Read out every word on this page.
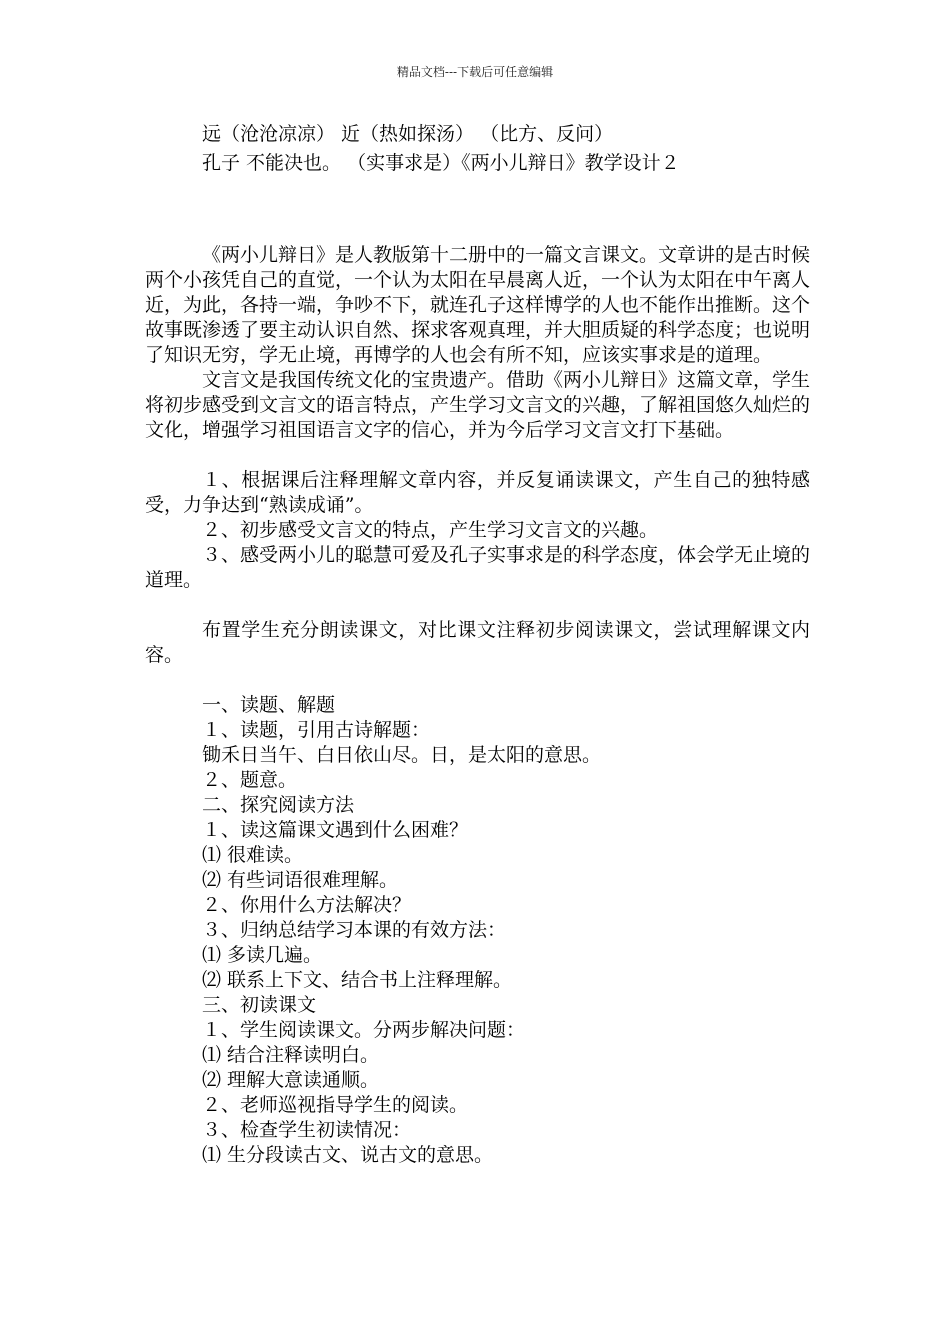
精品文档---下载后可任意编辑
远（沧沧凉凉） 近（热如探汤） （比方、反问）
孔子 不能决也。 （实事求是）《两小儿辩日》教学设计２

《两小儿辩日》是人教版第十二册中的一篇文言课文。文章讲的是古时候两个小孩凭自己的直觉，一个认为太阳在早晨离人近，一个认为太阳在中午离人近，为此，各持一端，争吵不下，就连孔子这样博学的人也不能作出推断。这个故事既渗透了要主动认识自然、探求客观真理，并大胆质疑的科学态度；也说明了知识无穷，学无止境，再博学的人也会有所不知，应该实事求是的道理。

文言文是我国传统文化的宝贵遗产。借助《两小儿辩日》这篇文章，学生将初步感受到文言文的语言特点，产生学习文言文的兴趣，了解祖国悠久灿烂的文化，增强学习祖国语言文字的信心，并为今后学习文言文打下基础。

１、根据课后注释理解文章内容，并反复诵读课文，产生自己的独特感受，力争达到“熟读成诵”。

２、初步感受文言文的特点，产生学习文言文的兴趣。

３、感受两小儿的聪慧可爱及孔子实事求是的科学态度，体会学无止境的道理。

布置学生充分朗读课文，对比课文注释初步阅读课文，尝试理解课文内容。

一、读题、解题
１、读题，引用古诗解题：
锄禾日当午、白日依山尽。日，是太阳的意思。
２、题意。
二、探究阅读方法
１、读这篇课文遇到什么困难？
⑴ 很难读。
⑵ 有些词语很难理解。
２、你用什么方法解决？
３、归纳总结学习本课的有效方法：
⑴ 多读几遍。
⑵ 联系上下文、结合书上注释理解。
三、初读课文
１、学生阅读课文。分两步解决问题：
⑴ 结合注释读明白。
⑵ 理解大意读通顺。
２、老师巡视指导学生的阅读。
３、检查学生初读情况：
⑴ 生分段读古文、说古文的意思。
